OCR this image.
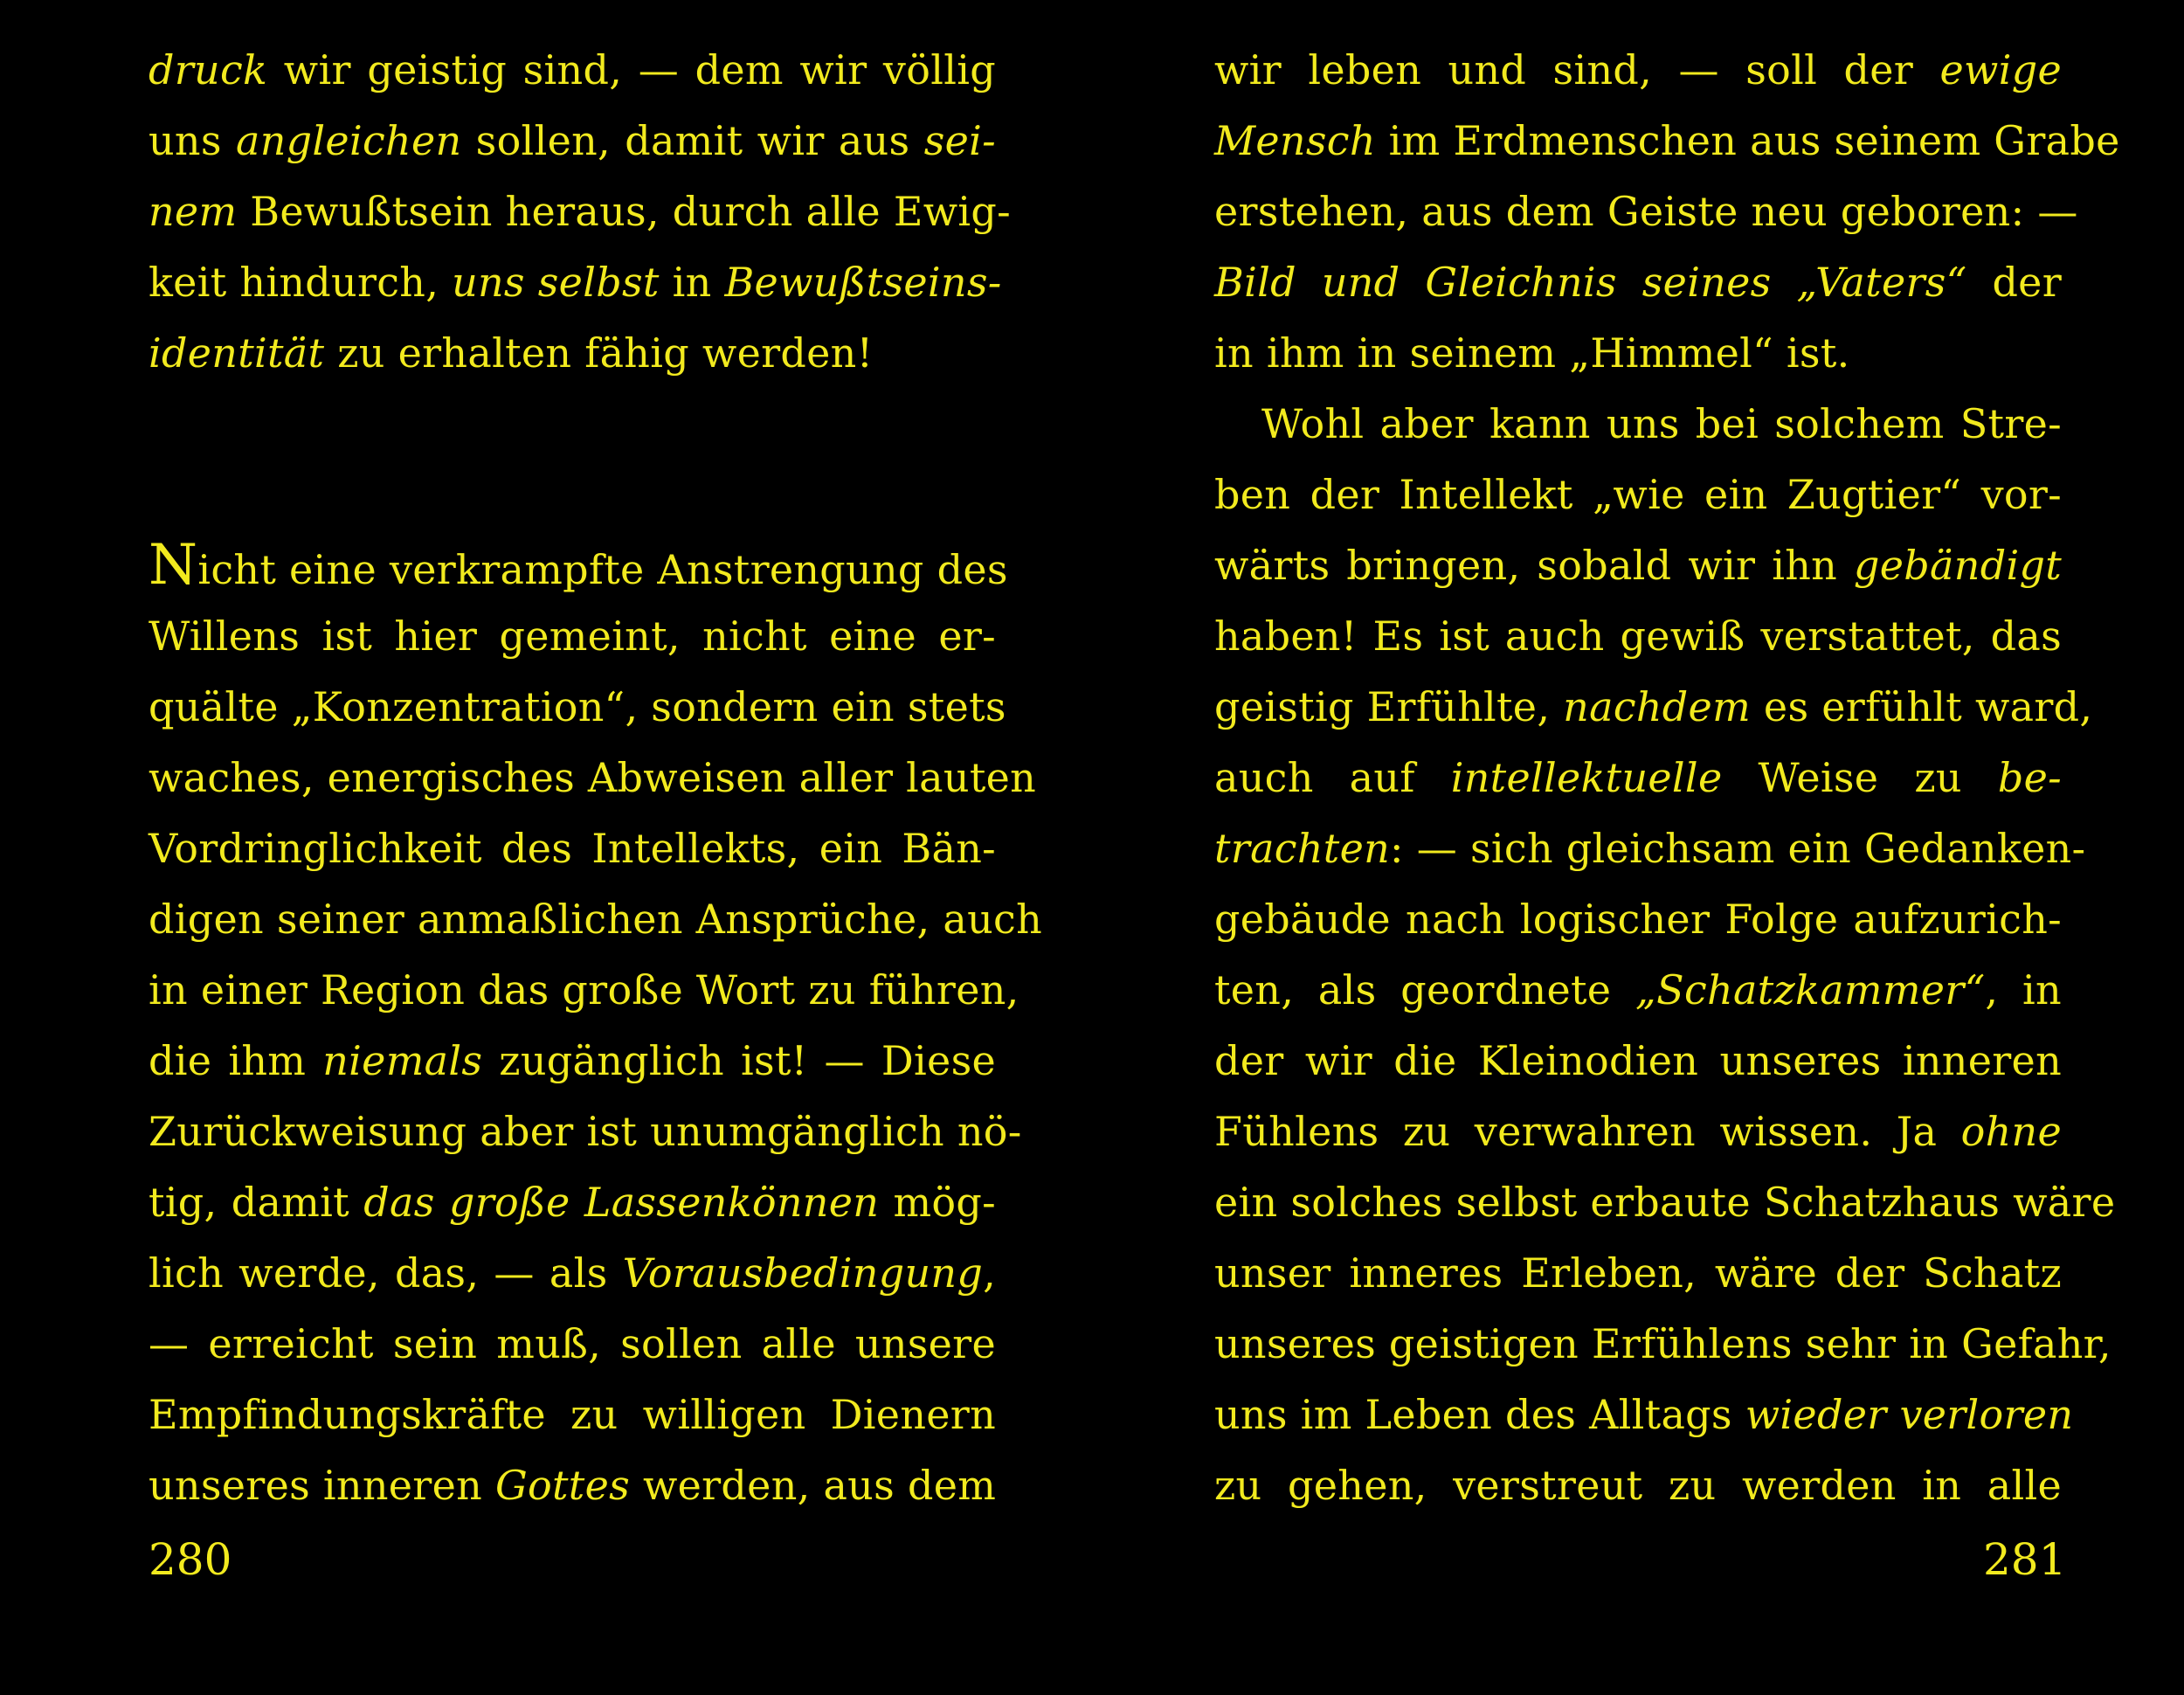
druck wir geistig sind, — dem wir völlig
uns angleichen sollen, damit wir aus sei-
nem Bewußtsein heraus, durch alle Ewig-
keit hindurch, uns selbst in Bewußtseins-
identität zu erhalten fähig werden!
Nicht eine verkrampfte Anstrengung des
Willens ist hier gemeint, nicht eine er-
quälte „Konzentration“, sondern ein stets
waches, energisches Abweisen aller lauten
Vordringlichkeit des Intellekts, ein Bän-
digen seiner anmaßlichen Ansprüche, auch
in einer Region das große Wort zu führen,
die ihm niemals zugänglich ist! — Diese
Zurückweisung aber ist unumgänglich nö-
tig, damit das große Lassenkönnen mög-
lich werde, das, — als Vorausbedingung,
— erreicht sein muß, sollen alle unsere
Empfindungskräfte zu willigen Dienern
unseres inneren Gottes werden, aus dem
280
wir leben und sind, — soll der ewige
Mensch im Erdmenschen aus seinem Grabe
erstehen, aus dem Geiste neu geboren: —
Bild und Gleichnis seines „Vaters“ der
in ihm in seinem „Himmel“ ist.
Wohl aber kann uns bei solchem Stre-
ben der Intellekt „wie ein Zugtier“ vor-
wärts bringen, sobald wir ihn gebändigt
haben! Es ist auch gewiß verstattet, das
geistig Erfühlte, nachdem es erfühlt ward,
auch auf intellektuelle Weise zu be-
trachten: — sich gleichsam ein Gedanken-
gebäude nach logischer Folge aufzurich-
ten, als geordnete „Schatzkammer“, in
der wir die Kleinodien unseres inneren
Fühlens zu verwahren wissen. Ja ohne
ein solches selbst erbaute Schatzhaus wäre
unser inneres Erleben, wäre der Schatz
unseres geistigen Erfühlens sehr in Gefahr,
uns im Leben des Alltags wieder verloren
zu gehen, verstreut zu werden in alle
281
